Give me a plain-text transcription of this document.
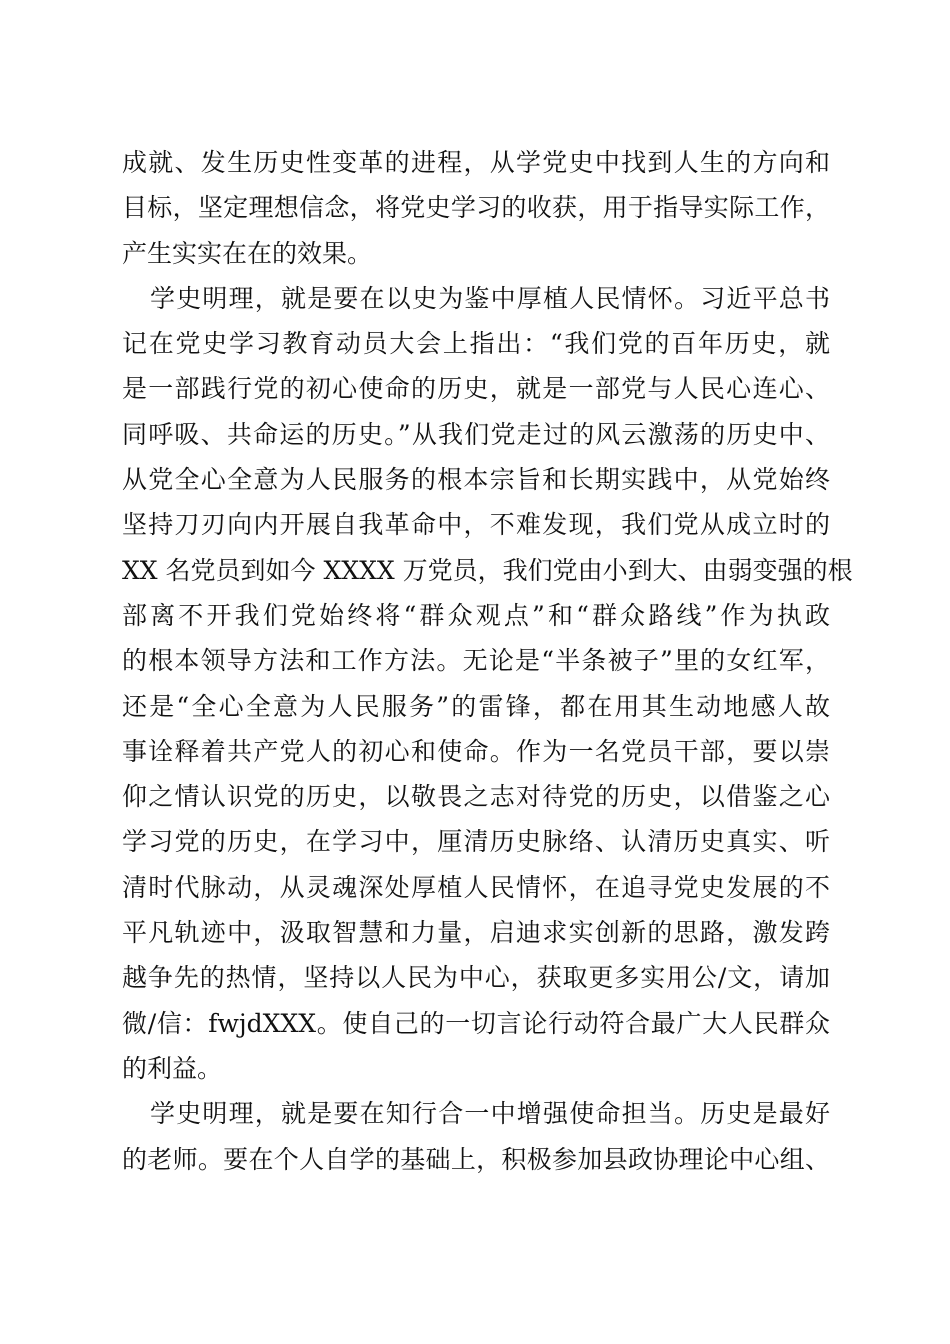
成就、发生历史性变革的进程，从学党史中找到人生的方向和
目标，坚定理想信念，将党史学习的收获，用于指导实际工作，
产生实实在在的效果。
学史明理，就是要在以史为鉴中厚植人民情怀。习近平总书
记在党史学习教育动员大会上指出：“我们党的百年历史，就
是一部践行党的初心使命的历史，就是一部党与人民心连心、
同呼吸、共命运的历史。”从我们党走过的风云激荡的历史中、
从党全心全意为人民服务的根本宗旨和长期实践中，从党始终
坚持刀刃向内开展自我革命中，不难发现，我们党从成立时的
XX 名党员到如今 XXXX 万党员，我们党由小到大、由弱变强的根
部离不开我们党始终将“群众观点”和“群众路线”作为执政
的根本领导方法和工作方法。无论是“半条被子”里的女红军，
还是“全心全意为人民服务”的雷锋，都在用其生动地感人故
事诠释着共产党人的初心和使命。作为一名党员干部，要以崇
仰之情认识党的历史，以敬畏之志对待党的历史，以借鉴之心
学习党的历史，在学习中，厘清历史脉络、认清历史真实、听
清时代脉动，从灵魂深处厚植人民情怀，在追寻党史发展的不
平凡轨迹中，汲取智慧和力量，启迪求实创新的思路，激发跨
越争先的热情，坚持以人民为中心，获取更多实用公/文，请加
微/信：fwjdXXX。使自己的一切言论行动符合最广大人民群众
的利益。
学史明理，就是要在知行合一中增强使命担当。历史是最好
的老师。要在个人自学的基础上，积极参加县政协理论中心组、
